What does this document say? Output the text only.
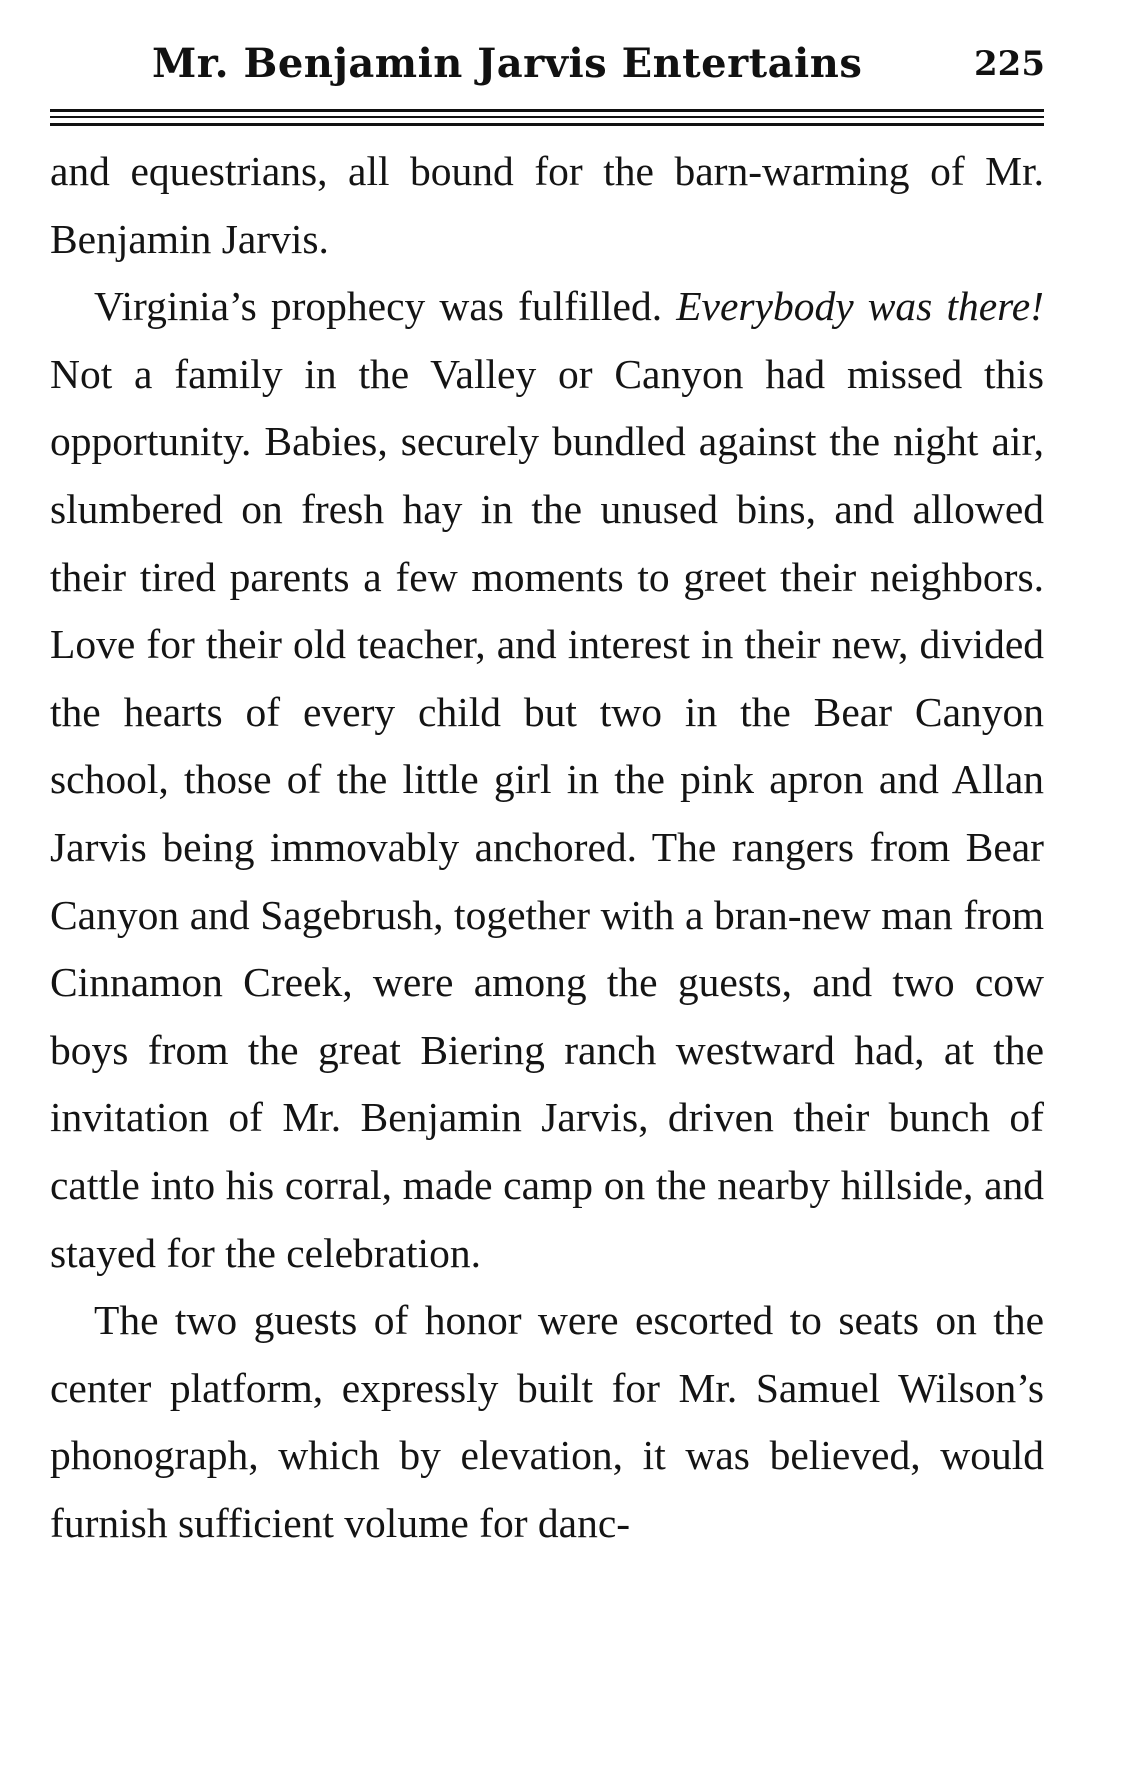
Mr. Benjamin Jarvis Entertains	225

and equestrians, all bound for the barn-warming of Mr. Benjamin Jarvis.

Virginia’s prophecy was fulfilled. Everybody was there! Not a family in the Valley or Canyon had missed this opportunity. Babies, securely bundled against the night air, slumbered on fresh hay in the unused bins, and allowed their tired parents a few moments to greet their neighbors. Love for their old teacher, and interest in their new, divided the hearts of every child but two in the Bear Canyon school, those of the little girl in the pink apron and Allan Jarvis being immovably anchored. The rangers from Bear Canyon and Sagebrush, together with a bran-new man from Cinnamon Creek, were among the guests, and two cow boys from the great Biering ranch westward had, at the invitation of Mr. Benjamin Jarvis, driven their bunch of cattle into his corral, made camp on the nearby hillside, and stayed for the celebration.

The two guests of honor were escorted to seats on the center platform, expressly built for Mr. Samuel Wilson’s phonograph, which by elevation, it was believed, would furnish sufficient volume for danc-
